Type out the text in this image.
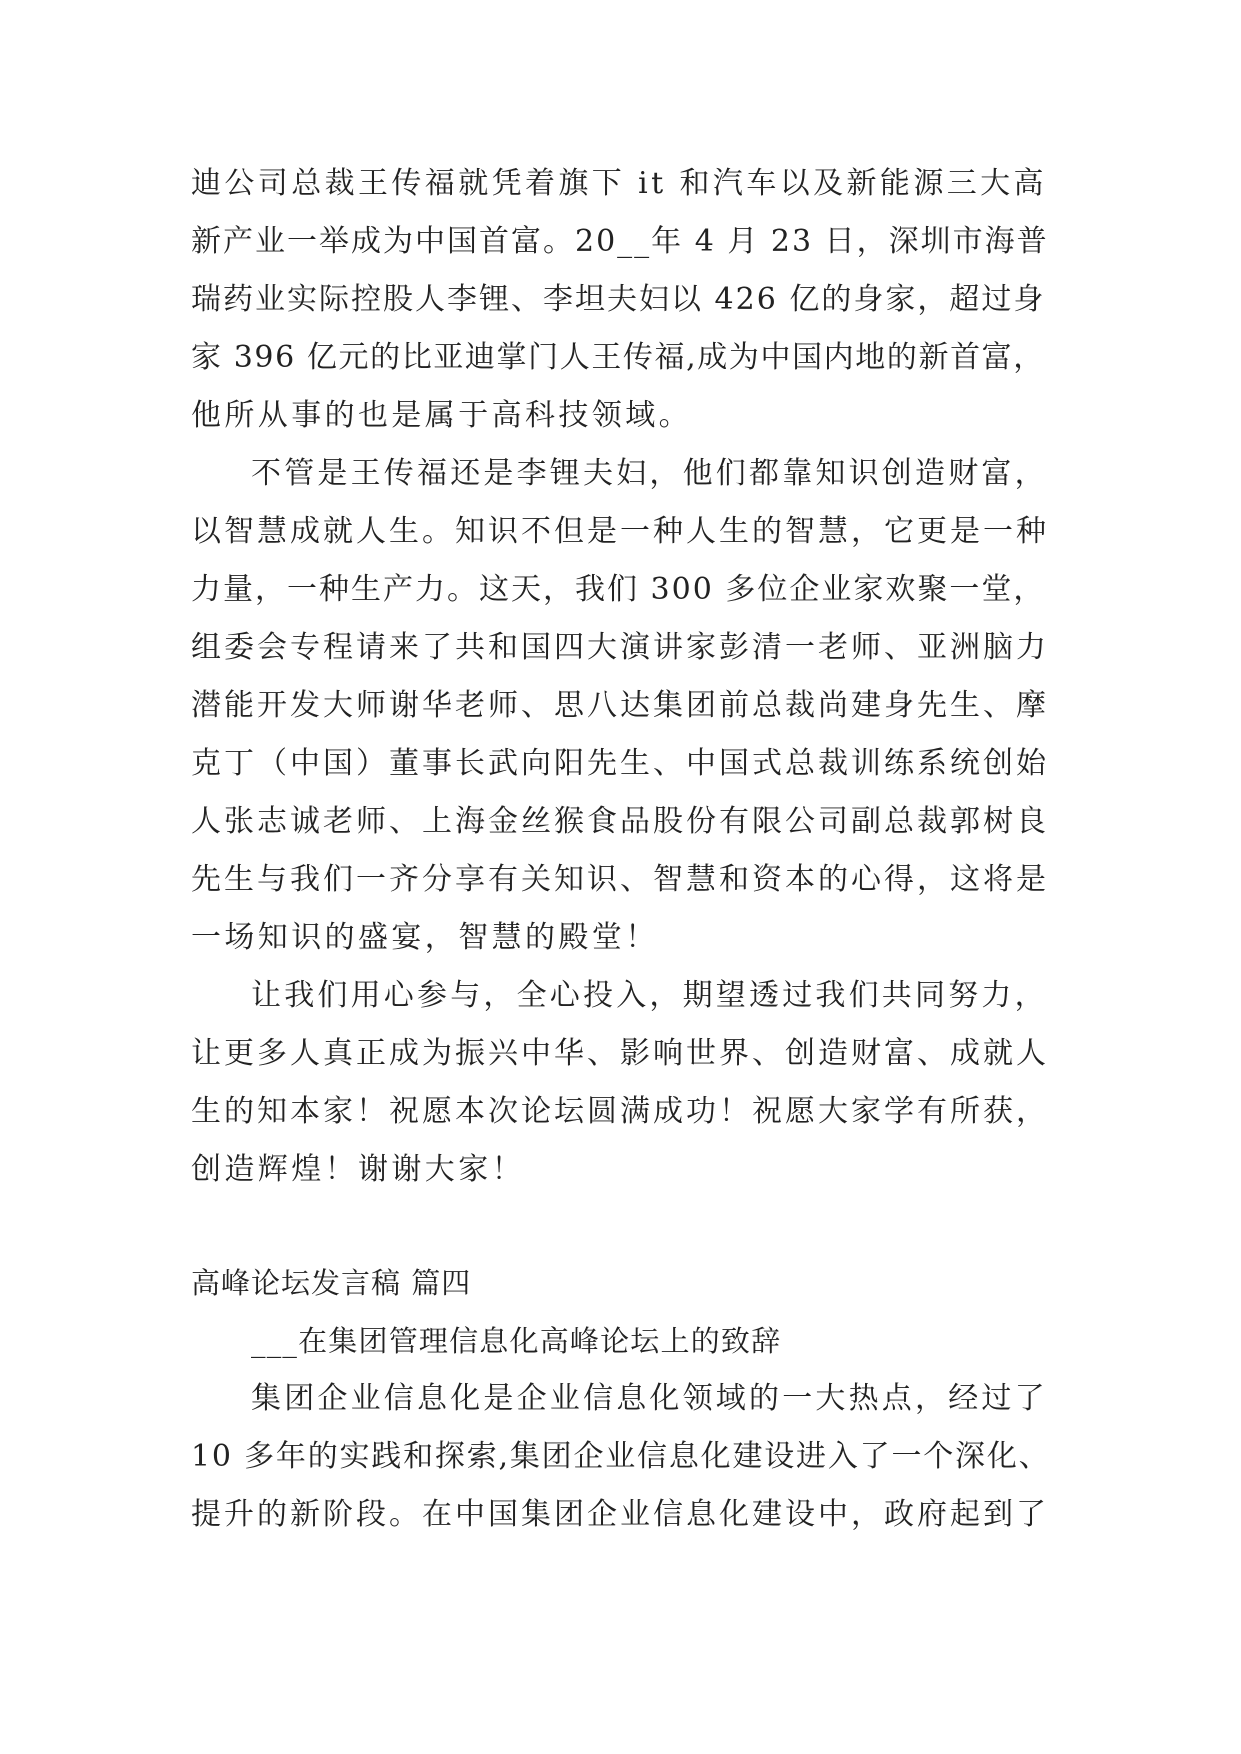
迪公司总裁王传福就凭着旗下 it 和汽车以及新能源三大高
新产业一举成为中国首富。20__年 4 月 23 日，深圳市海普
瑞药业实际控股人李锂、李坦夫妇以 426 亿的身家，超过身
家 396 亿元的比亚迪掌门人王传福,成为中国内地的新首富，
他所从事的也是属于高科技领域。
不管是王传福还是李锂夫妇，他们都靠知识创造财富，
以智慧成就人生。知识不但是一种人生的智慧，它更是一种
力量，一种生产力。这天，我们 300 多位企业家欢聚一堂，
组委会专程请来了共和国四大演讲家彭清一老师、亚洲脑力
潜能开发大师谢华老师、思八达集团前总裁尚建身先生、摩
克丁（中国）董事长武向阳先生、中国式总裁训练系统创始
人张志诚老师、上海金丝猴食品股份有限公司副总裁郭树良
先生与我们一齐分享有关知识、智慧和资本的心得，这将是
一场知识的盛宴，智慧的殿堂！
让我们用心参与，全心投入，期望透过我们共同努力，
让更多人真正成为振兴中华、影响世界、创造财富、成就人
生的知本家！祝愿本次论坛圆满成功！祝愿大家学有所获，
创造辉煌！谢谢大家！
高峰论坛发言稿 篇四
___在集团管理信息化高峰论坛上的致辞
集团企业信息化是企业信息化领域的一大热点，经过了
10 多年的实践和探索,集团企业信息化建设进入了一个深化、
提升的新阶段。在中国集团企业信息化建设中，政府起到了
